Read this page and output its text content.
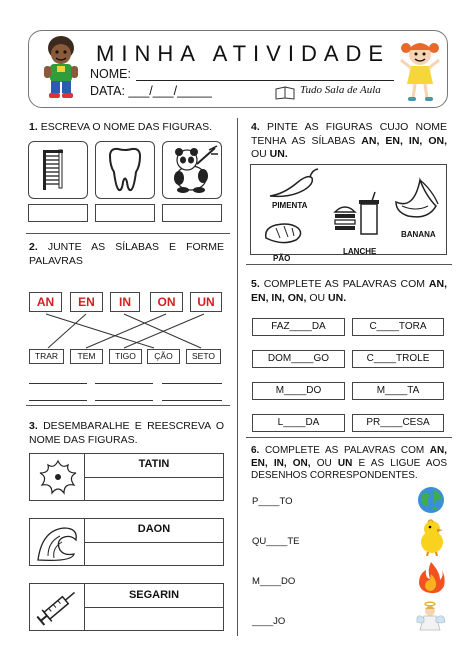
MINHA ATIVIDADE
NOME:
DATA: ___/___/_____	Tudo Sala de Aula
1. ESCREVA O NOME DAS FIGURAS.
2. JUNTE AS SÍLABAS E FORME PALAVRAS
AN	EN	IN	ON	UN
TRAR	TEM	TIGO	ÇÃO	SETO
3. DESEMBARALHE E REESCREVA O NOME DAS FIGURAS.
TATIN
DAON
SEGARIN
4. PINTE AS FIGURAS CUJO NOME TENHA AS SÍLABAS AN, EN, IN, ON, OU UN.
PIMENTA
PÃO
LANCHE
BANANA
5. COMPLETE AS PALAVRAS COM AN, EN, IN, ON, OU UN.
FAZ____DA	C____TORA
DOM____GO	C____TROLE
M____DO	M____TA
L____DA	PR____CESA
6. COMPLETE AS PALAVRAS COM AN, EN, IN, ON, OU UN E AS LIGUE AOS DESENHOS CORRESPONDENTES.
P____TO
QU____TE
M____DO
____JO
